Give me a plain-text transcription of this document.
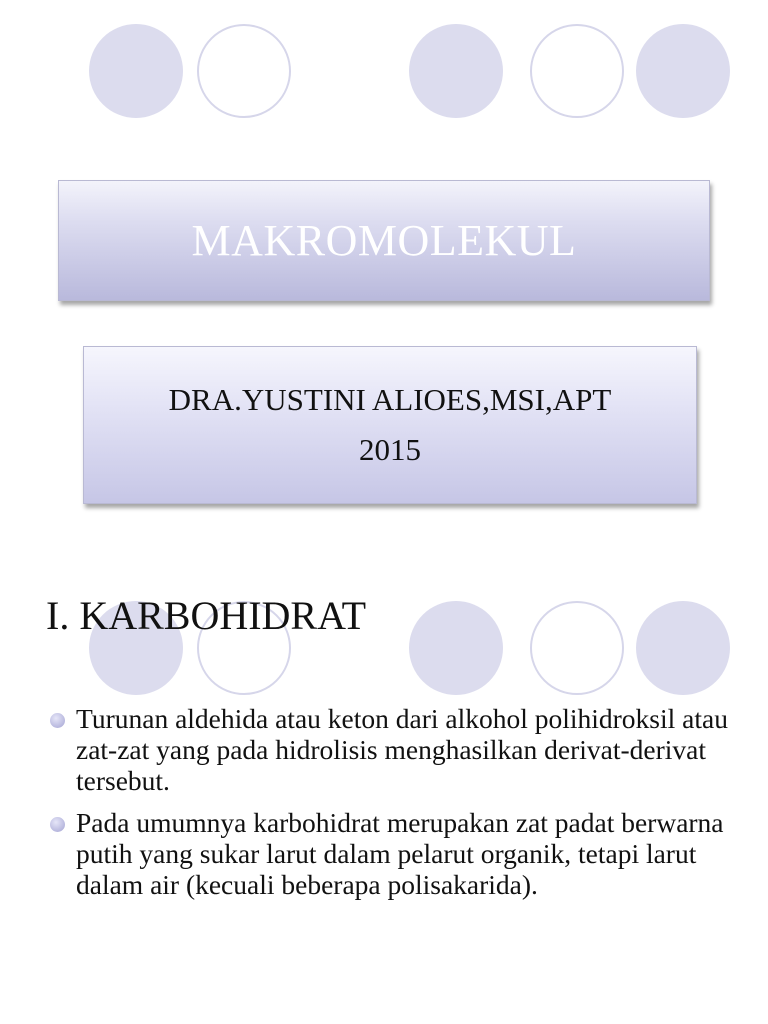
MAKROMOLEKUL
DRA.YUSTINI ALIOES,MSI,APT
2015
I. KARBOHIDRAT
Turunan aldehida atau keton dari alkohol polihidroksil atau zat-zat yang pada hidrolisis menghasilkan derivat-derivat tersebut.
Pada umumnya karbohidrat merupakan zat padat berwarna putih yang sukar larut dalam pelarut organik, tetapi larut dalam air (kecuali beberapa polisakarida).
